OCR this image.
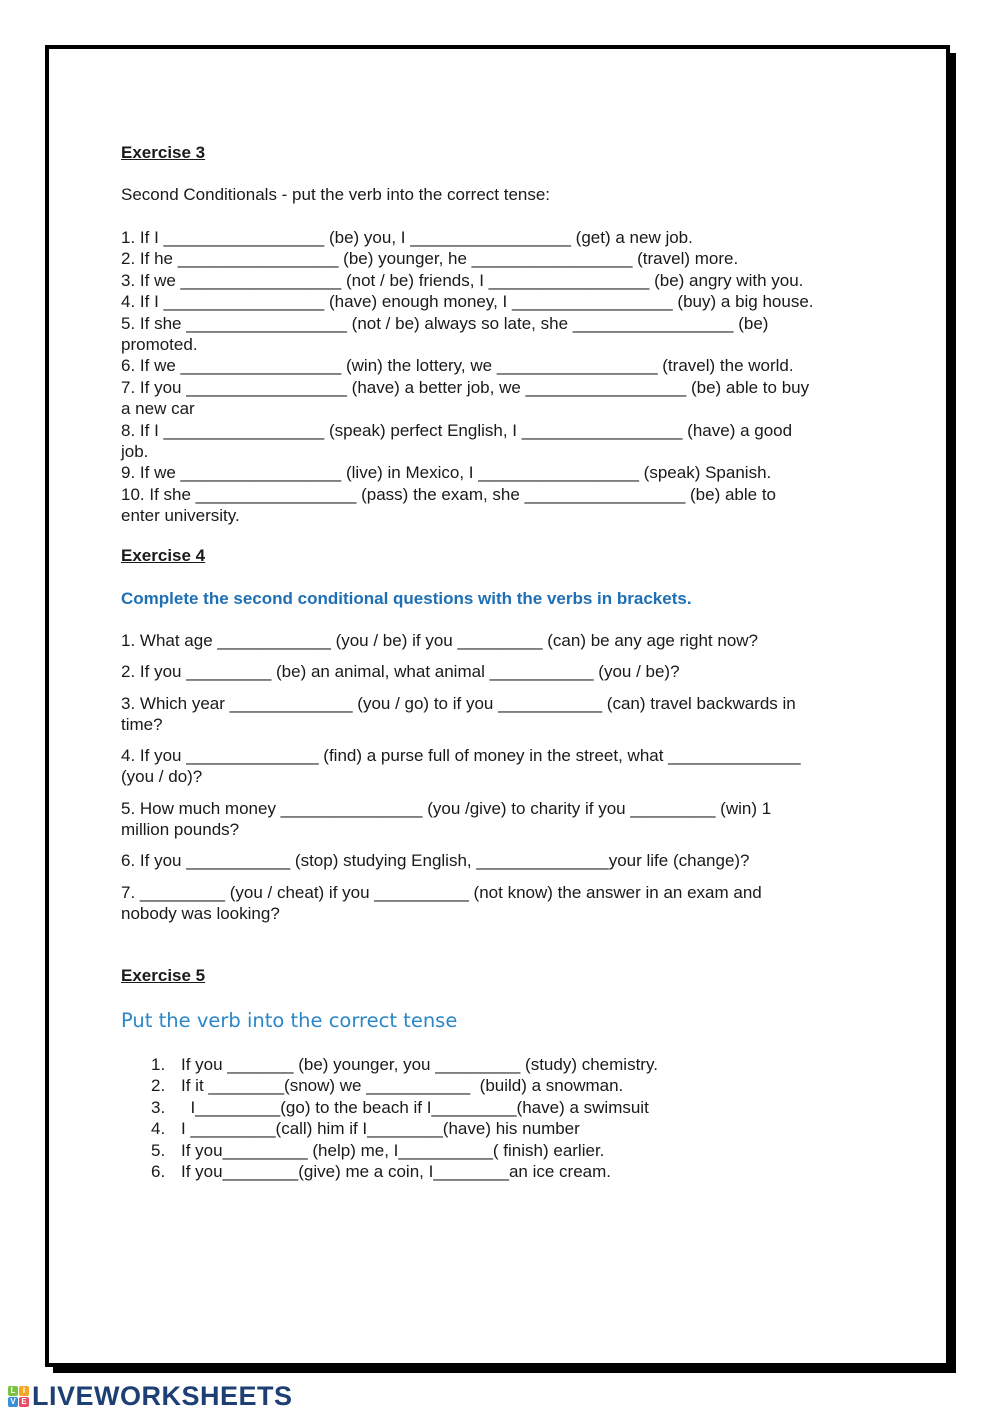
Exercise 3
Second Conditionals - put the verb into the correct tense:
1. If I _________________ (be) you, I _________________ (get) a new job.
2. If he _________________ (be) younger, he _________________ (travel) more.
3. If we _________________ (not / be) friends, I _________________ (be) angry with you.
4. If I _________________ (have) enough money, I _________________ (buy) a big house.
5. If she _________________ (not / be) always so late, she _________________ (be)
promoted.
6. If we _________________ (win) the lottery, we _________________ (travel) the world.
7. If you _________________ (have) a better job, we _________________ (be) able to buy
a new car
8. If I _________________ (speak) perfect English, I _________________ (have) a good
job.
9. If we _________________ (live) in Mexico, I _________________ (speak) Spanish.
10. If she _________________ (pass) the exam, she _________________ (be) able to
enter university.
Exercise 4
Complete the second conditional questions with the verbs in brackets.
1. What age ____________ (you / be) if you _________ (can) be any age right now?
2. If you _________ (be) an animal, what animal ___________ (you / be)?
3. Which year _____________ (you / go) to if you ___________ (can) travel backwards in
time?
4. If you ______________ (find) a purse full of money in the street, what ______________
(you / do)?
5. How much money _______________ (you /give) to charity if you _________ (win) 1
million pounds?
6. If you ___________ (stop) studying English, ______________your life (change)?
7. _________ (you / cheat) if you __________ (not know) the answer in an exam and
nobody was looking?
Exercise 5
Put the verb into the correct tense
1. If you _______ (be) younger, you _________ (study) chemistry.
2. If it ________(snow) we ___________  (build) a snowman.
3. I_________(go) to the beach if I_________(have) a swimsuit
4. I _________(call) him if I________(have) his number
5. If you_________ (help) me, I__________( finish) earlier.
6. If you________(give) me a coin, I________an ice cream.
L I
V E LIVEWORKSHEETS
